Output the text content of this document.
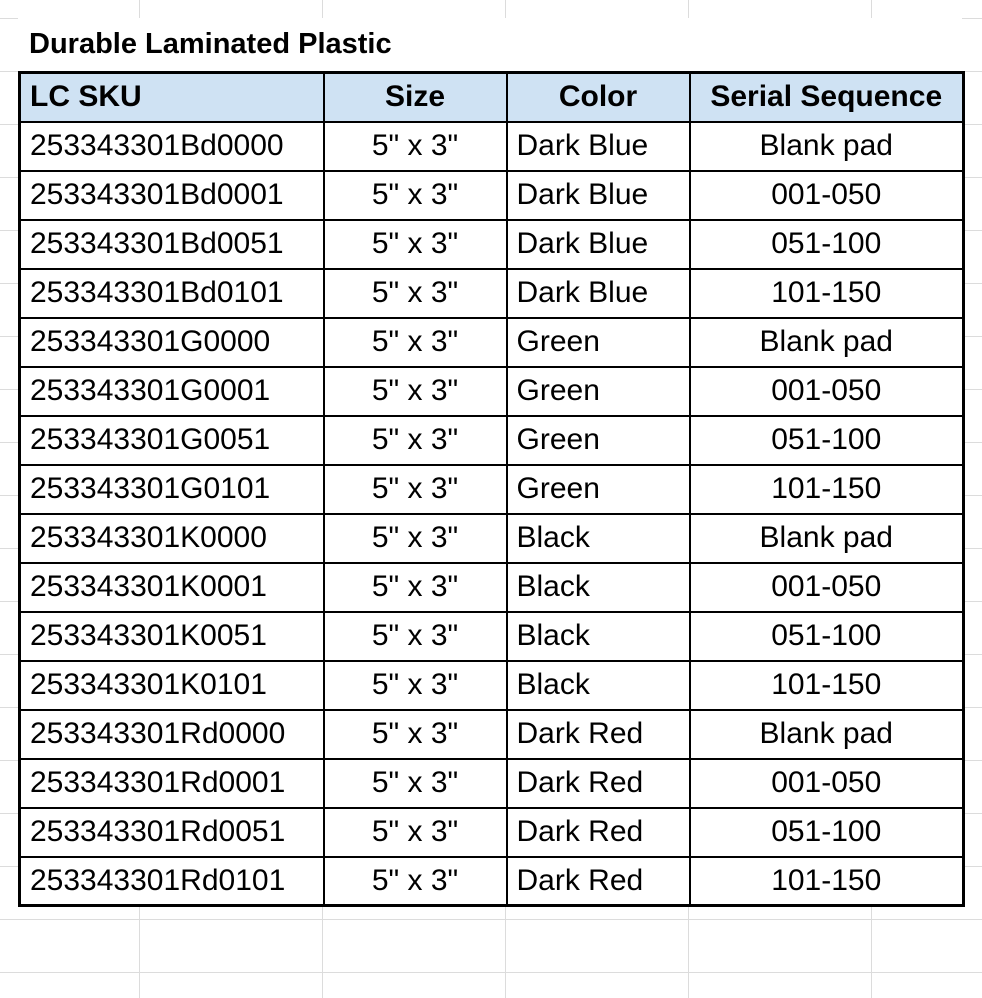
Durable Laminated Plastic
LC SKU	Size	Color	Serial Sequence
253343301Bd0000	5" x 3"	Dark Blue	Blank pad
253343301Bd0001	5" x 3"	Dark Blue	001-050
253343301Bd0051	5" x 3"	Dark Blue	051-100
253343301Bd0101	5" x 3"	Dark Blue	101-150
253343301G0000	5" x 3"	Green	Blank pad
253343301G0001	5" x 3"	Green	001-050
253343301G0051	5" x 3"	Green	051-100
253343301G0101	5" x 3"	Green	101-150
253343301K0000	5" x 3"	Black	Blank pad
253343301K0001	5" x 3"	Black	001-050
253343301K0051	5" x 3"	Black	051-100
253343301K0101	5" x 3"	Black	101-150
253343301Rd0000	5" x 3"	Dark Red	Blank pad
253343301Rd0001	5" x 3"	Dark Red	001-050
253343301Rd0051	5" x 3"	Dark Red	051-100
253343301Rd0101	5" x 3"	Dark Red	101-150
